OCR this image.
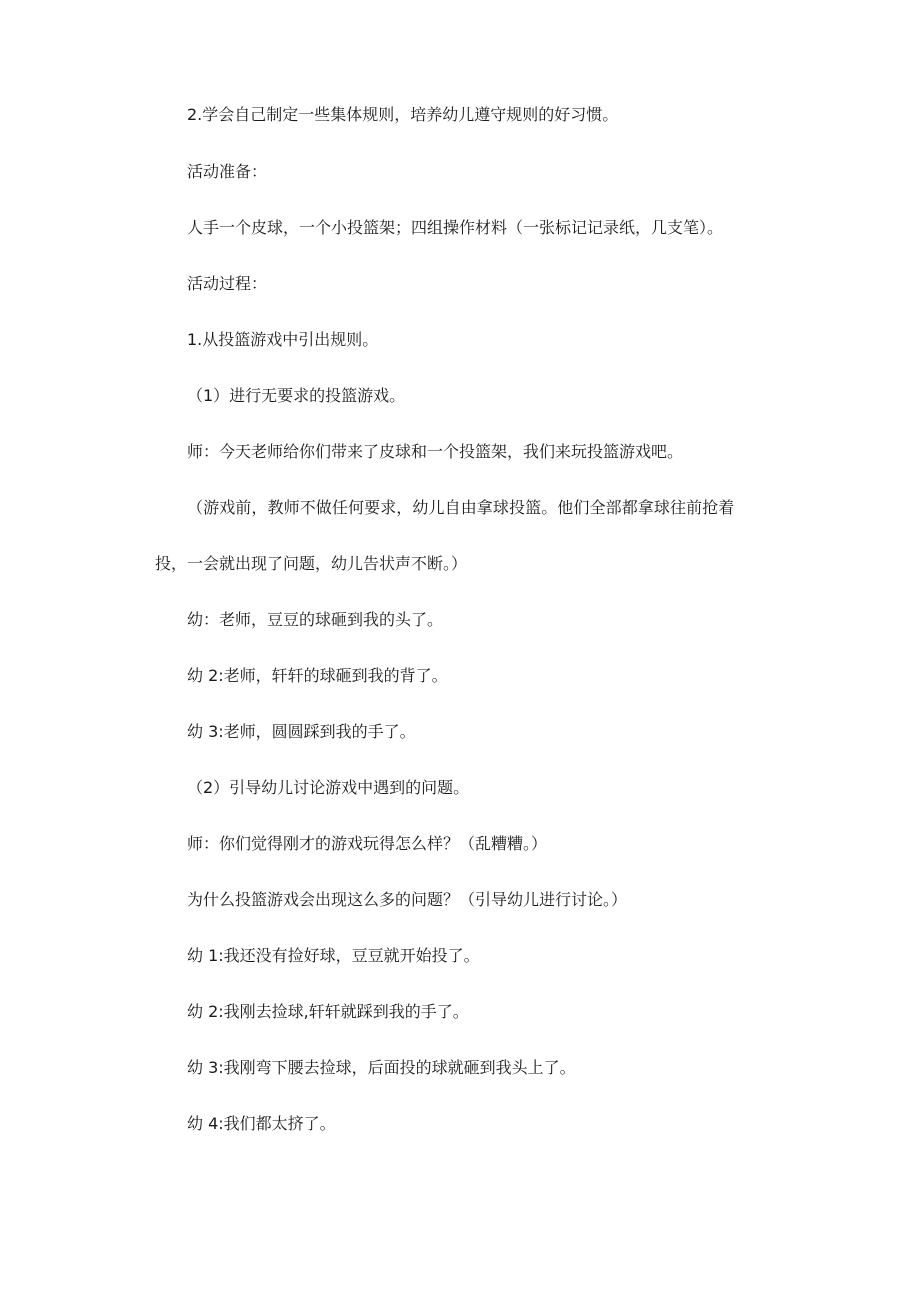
2.学会自己制定一些集体规则，培养幼儿遵守规则的好习惯。
活动准备：
人手一个皮球，一个小投篮架；四组操作材料（一张标记记录纸，几支笔）。
活动过程：
1.从投篮游戏中引出规则。
（1）进行无要求的投篮游戏。
师：今天老师给你们带来了皮球和一个投篮架，我们来玩投篮游戏吧。
（游戏前，教师不做任何要求，幼儿自由拿球投篮。他们全部都拿球往前抢着
投，一会就出现了问题，幼儿告状声不断。）
幼：老师，豆豆的球砸到我的头了。
幼 2:老师，轩轩的球砸到我的背了。
幼 3:老师，圆圆踩到我的手了。
（2）引导幼儿讨论游戏中遇到的问题。
师：你们觉得刚才的游戏玩得怎么样？（乱糟糟。）
为什么投篮游戏会出现这么多的问题？（引导幼儿进行讨论。）
幼 1:我还没有捡好球，豆豆就开始投了。
幼 2:我刚去捡球,轩轩就踩到我的手了。
幼 3:我刚弯下腰去捡球，后面投的球就砸到我头上了。
幼 4:我们都太挤了。
